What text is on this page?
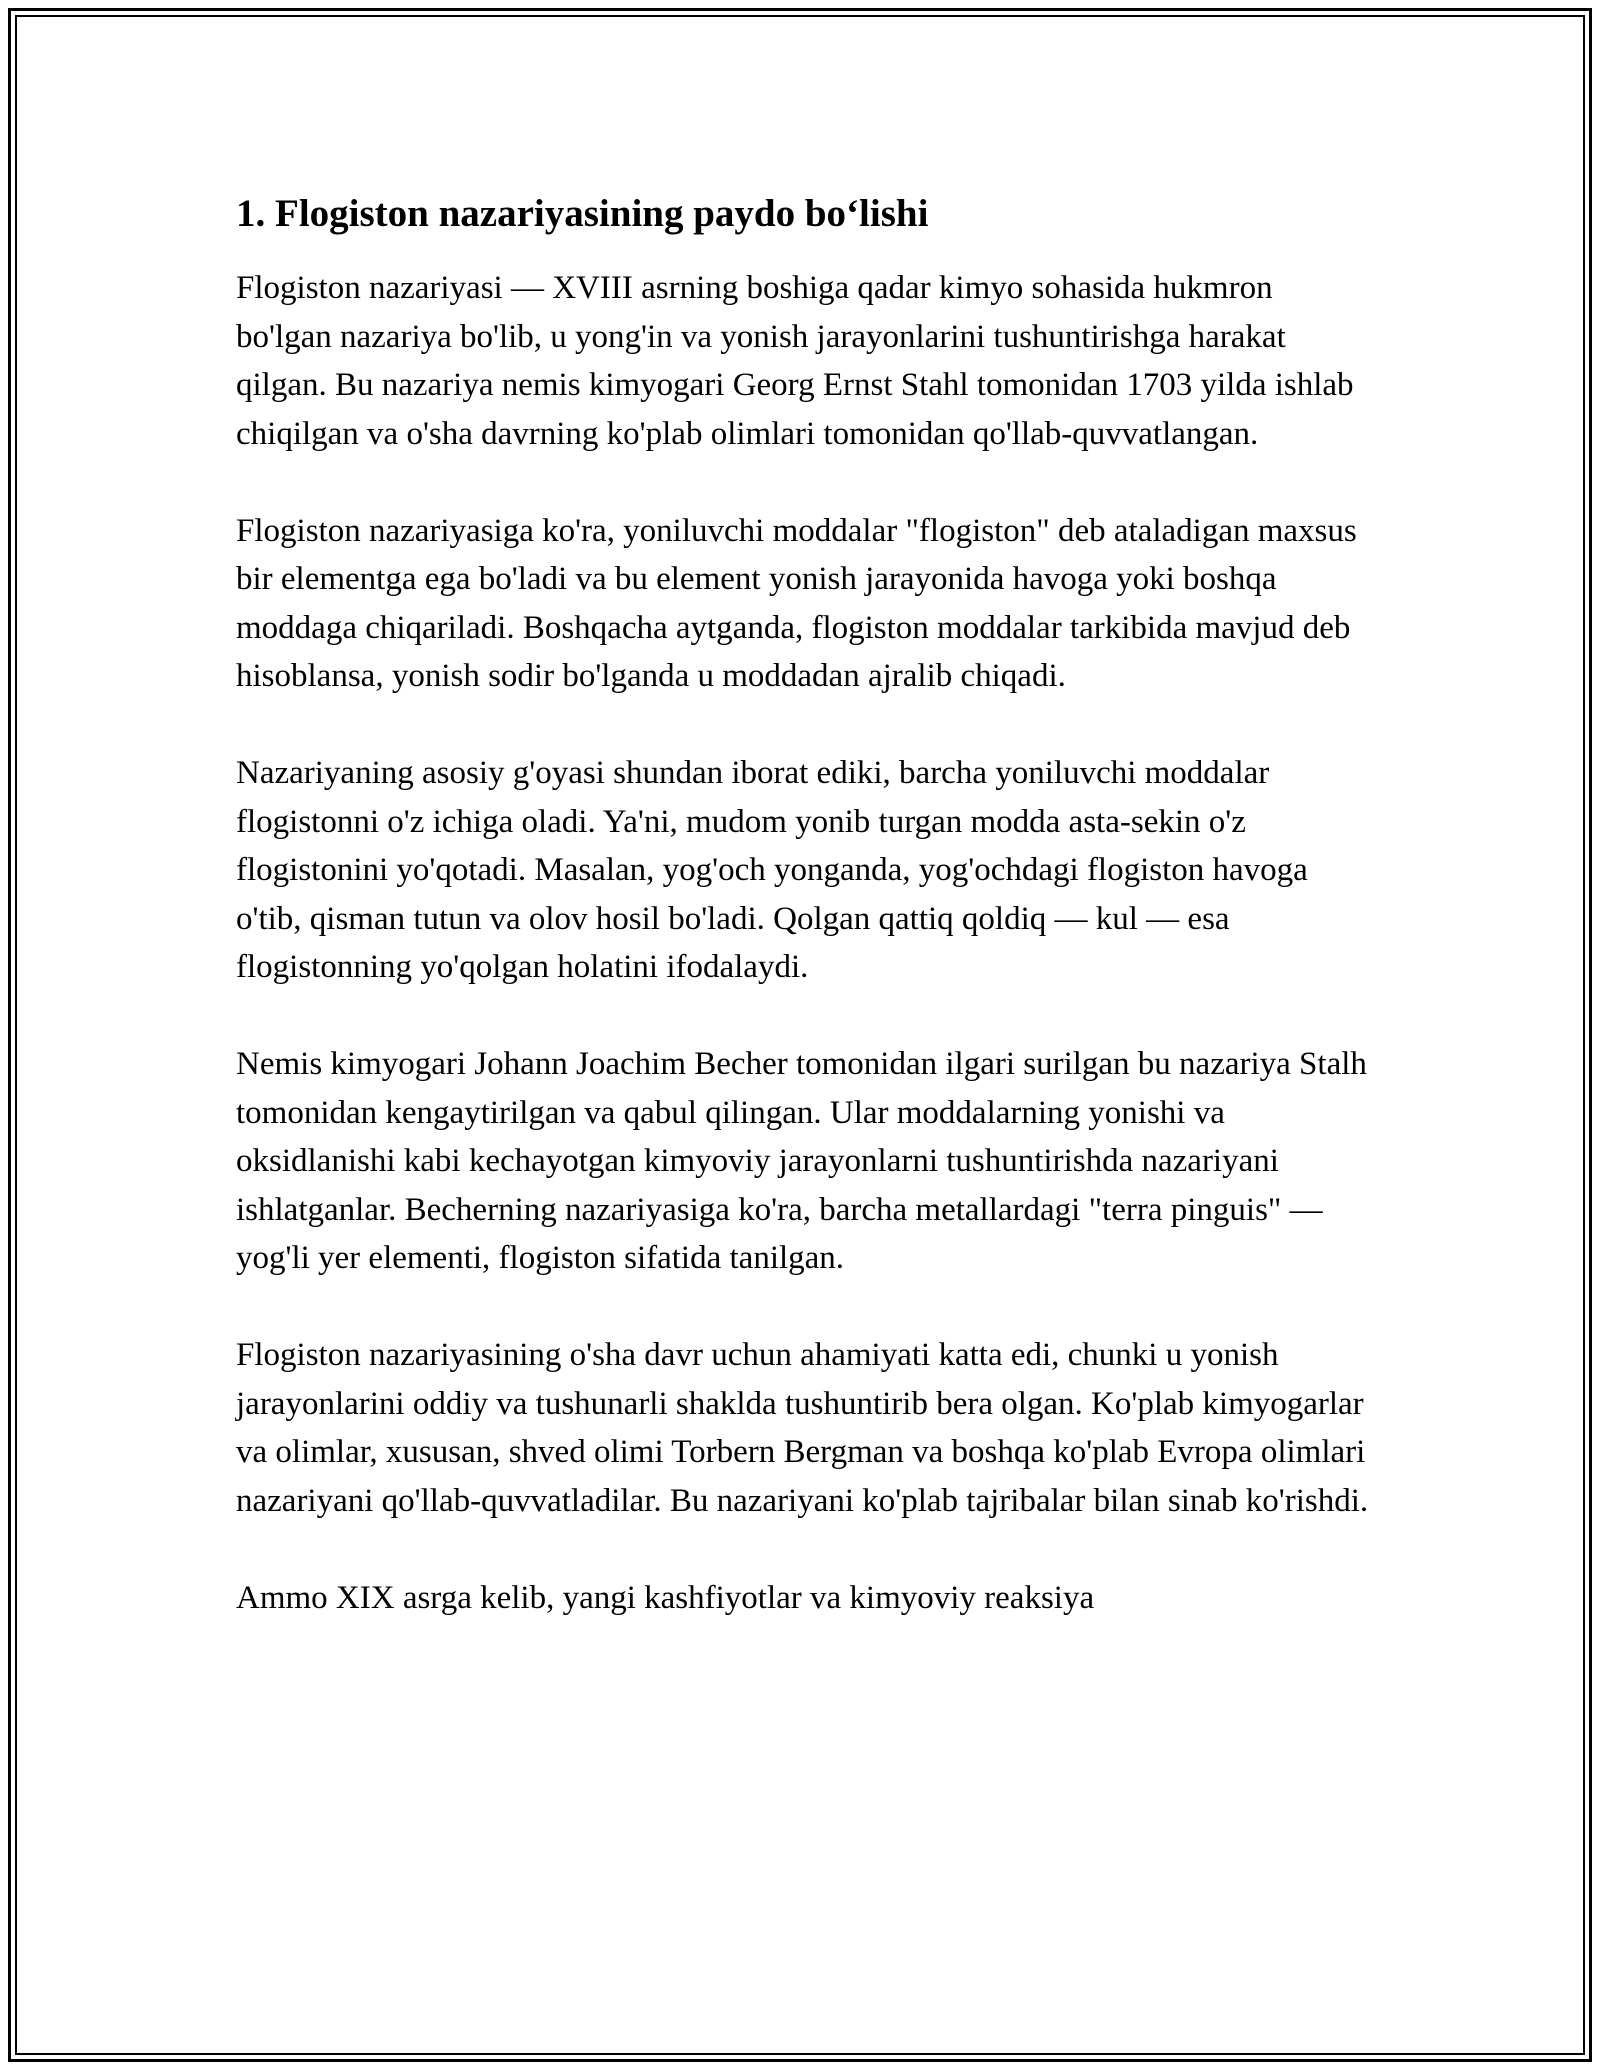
1. Flogiston nazariyasining paydo bo‘lishi

Flogiston nazariyasi — XVIII asrning boshiga qadar kimyo sohasida hukmron bo'lgan nazariya bo'lib, u yong'in va yonish jarayonlarini tushuntirishga harakat qilgan. Bu nazariya nemis kimyogari Georg Ernst Stahl tomonidan 1703 yilda ishlab chiqilgan va o'sha davrning ko'plab olimlari tomonidan qo'llab-quvvatlangan.

Flogiston nazariyasiga ko'ra, yoniluvchi moddalar "flogiston" deb ataladigan maxsus bir elementga ega bo'ladi va bu element yonish jarayonida havoga yoki boshqa moddaga chiqariladi. Boshqacha aytganda, flogiston moddalar tarkibida mavjud deb hisoblansa, yonish sodir bo'lganda u moddadan ajralib chiqadi.

Nazariyaning asosiy g'oyasi shundan iborat ediki, barcha yoniluvchi moddalar flogistonni o'z ichiga oladi. Ya'ni, mudom yonib turgan modda asta-sekin o'z flogistonini yo'qotadi. Masalan, yog'och yonganda, yog'ochdagi flogiston havoga o'tib, qisman tutun va olov hosil bo'ladi. Qolgan qattiq qoldiq — kul — esa flogistonning yo'qolgan holatini ifodalaydi.

Nemis kimyogari Johann Joachim Becher tomonidan ilgari surilgan bu nazariya Stalh tomonidan kengaytirilgan va qabul qilingan. Ular moddalarning yonishi va oksidlanishi kabi kechayotgan kimyoviy jarayonlarni tushuntirishda nazariyani ishlatganlar. Becherning nazariyasiga ko'ra, barcha metallardagi "terra pinguis" — yog'li yer elementi, flogiston sifatida tanilgan.

Flogiston nazariyasining o'sha davr uchun ahamiyati katta edi, chunki u yonish jarayonlarini oddiy va tushunarli shaklda tushuntirib bera olgan. Ko'plab kimyogarlar va olimlar, xususan, shved olimi Torbern Bergman va boshqa ko'plab Evropa olimlari nazariyani qo'llab-quvvatladilar. Bu nazariyani ko'plab tajribalar bilan sinab ko'rishdi.

Ammo XIX asrga kelib, yangi kashfiyotlar va kimyoviy reaksiya
